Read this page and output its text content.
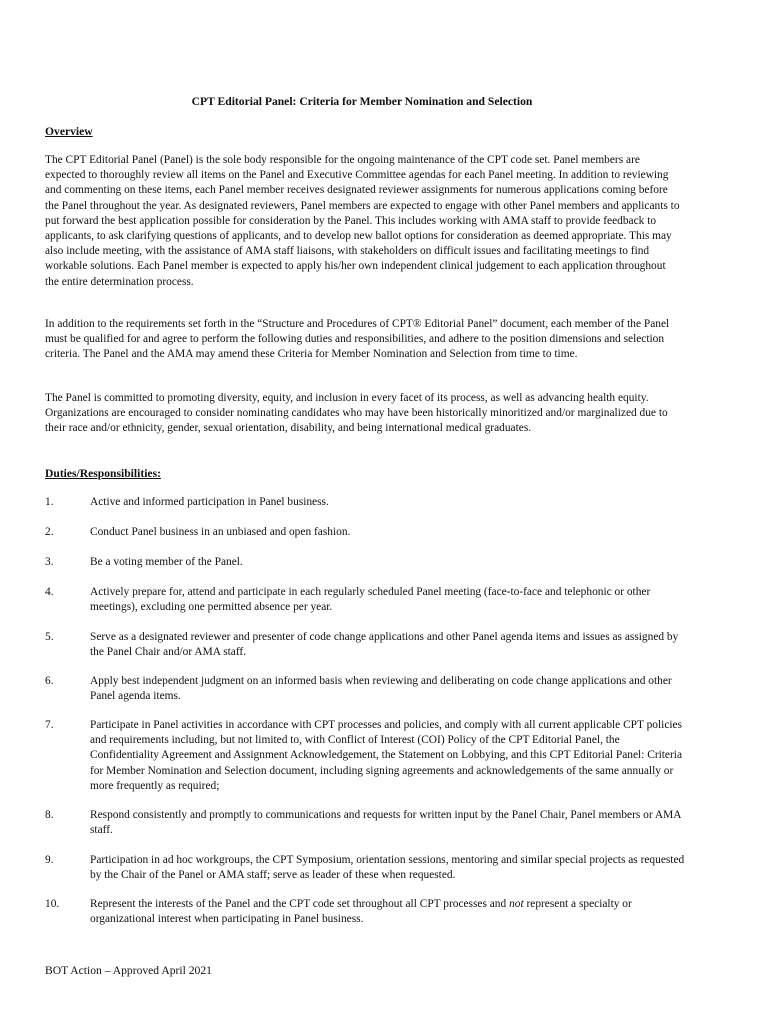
CPT Editorial Panel: Criteria for Member Nomination and Selection
Overview

The CPT Editorial Panel (Panel) is the sole body responsible for the ongoing maintenance of the CPT code set. Panel members are expected to thoroughly review all items on the Panel and Executive Committee agendas for each Panel meeting. In addition to reviewing and commenting on these items, each Panel member receives designated reviewer assignments for numerous applications coming before the Panel throughout the year. As designated reviewers, Panel members are expected to engage with other Panel members and applicants to put forward the best application possible for consideration by the Panel. This includes working with AMA staff to provide feedback to applicants, to ask clarifying questions of applicants, and to develop new ballot options for consideration as deemed appropriate. This may also include meeting, with the assistance of AMA staff liaisons, with stakeholders on difficult issues and facilitating meetings to find workable solutions. Each Panel member is expected to apply his/her own independent clinical judgement to each application throughout the entire determination process.

In addition to the requirements set forth in the “Structure and Procedures of CPT® Editorial Panel” document, each member of the Panel must be qualified for and agree to perform the following duties and responsibilities, and adhere to the position dimensions and selection criteria. The Panel and the AMA may amend these Criteria for Member Nomination and Selection from time to time.

The Panel is committed to promoting diversity, equity, and inclusion in every facet of its process, as well as advancing health equity. Organizations are encouraged to consider nominating candidates who may have been historically minoritized and/or marginalized due to their race and/or ethnicity, gender, sexual orientation, disability, and being international medical graduates.

Duties/Responsibilities:
1.	Active and informed participation in Panel business.
2.	Conduct Panel business in an unbiased and open fashion.
3.	Be a voting member of the Panel.
4.	Actively prepare for, attend and participate in each regularly scheduled Panel meeting (face-to-face and telephonic or other meetings), excluding one permitted absence per year.
5.	Serve as a designated reviewer and presenter of code change applications and other Panel agenda items and issues as assigned by the Panel Chair and/or AMA staff.
6.	Apply best independent judgment on an informed basis when reviewing and deliberating on code change applications and other Panel agenda items.
7.	Participate in Panel activities in accordance with CPT processes and policies, and comply with all current applicable CPT policies and requirements including, but not limited to, with Conflict of Interest (COI) Policy of the CPT Editorial Panel, the Confidentiality Agreement and Assignment Acknowledgement, the Statement on Lobbying, and this CPT Editorial Panel: Criteria for Member Nomination and Selection document, including signing agreements and acknowledgements of the same annually or more frequently as required;
8.	Respond consistently and promptly to communications and requests for written input by the Panel Chair, Panel members or AMA staff.
9.	Participation in ad hoc workgroups, the CPT Symposium, orientation sessions, mentoring and similar special projects as requested by the Chair of the Panel or AMA staff; serve as leader of these when requested.
10.	Represent the interests of the Panel and the CPT code set throughout all CPT processes and not represent a specialty or organizational interest when participating in Panel business.
BOT Action – Approved April 2021
